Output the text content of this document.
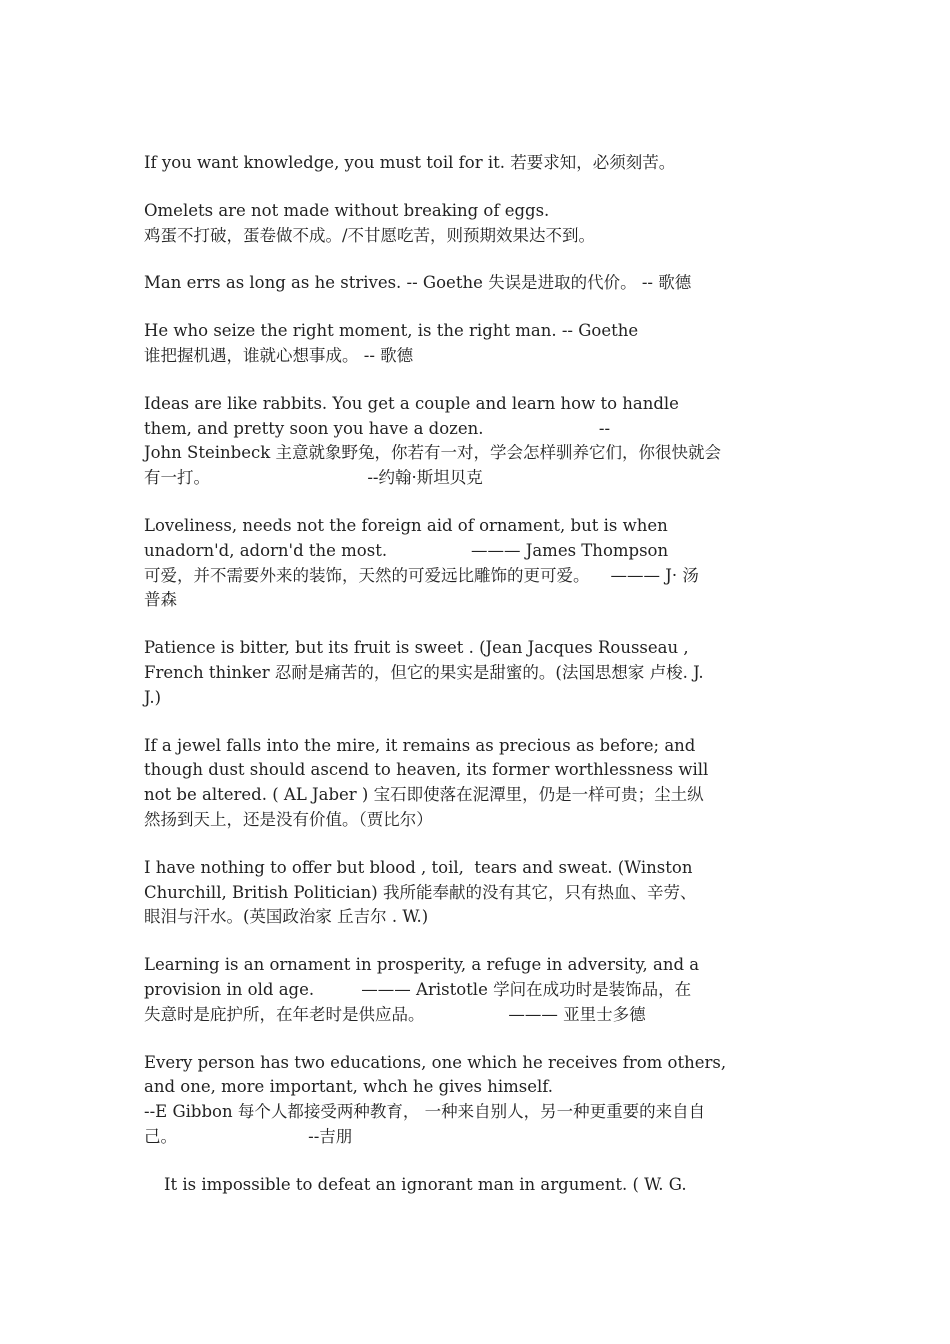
If you want knowledge, you must toil for it. 若要求知，必须刻苦。
Omelets are not made without breaking of eggs.
鸡蛋不打破，蛋卷做不成。/不甘愿吃苦，则预期效果达不到。
Man errs as long as he strives. -- Goethe 失误是进取的代价。 -- 歌德
He who seize the right moment, is the right man. -- Goethe
谁把握机遇，谁就心想事成。 -- 歌德
Ideas are like rabbits. You get a couple and learn how to handle
them, and pretty soon you have a dozen.                      --
John Steinbeck 主意就象野兔，你若有一对，学会怎样驯养它们，你很快就会
有一打。                              --约翰·斯坦贝克
Loveliness, needs not the foreign aid of ornament, but is when
unadorn'd, adorn'd the most.                ——— James Thompson
可爱，并不需要外来的装饰，天然的可爱远比雕饰的更可爱。    ——— J· 汤
普森
Patience is bitter, but its fruit is sweet . (Jean Jacques Rousseau ,
French thinker 忍耐是痛苦的，但它的果实是甜蜜的。(法国思想家 卢梭. J.
J.)
If a jewel falls into the mire, it remains as precious as before; and
though dust should ascend to heaven, its former worthlessness will
not be altered. ( AL Jaber ) 宝石即使落在泥潭里，仍是一样可贵；尘土纵
然扬到天上，还是没有价值。（贾比尔）
I have nothing to offer but blood , toil,  tears and sweat. (Winston
Churchill, British Politician) 我所能奉献的没有其它，只有热血、辛劳、
眼泪与汗水。(英国政治家 丘吉尔 . W.)
Learning is an ornament in prosperity, a refuge in adversity, and a
provision in old age.         ——— Aristotle 学问在成功时是装饰品，在
失意时是庇护所，在年老时是供应品。                ——— 亚里士多德
Every person has two educations, one which he receives from others,
and one, more important, whch he gives himself.
--E Gibbon 每个人都接受两种教育， 一种来自别人，另一种更重要的来自自
己。                         --吉朋
It is impossible to defeat an ignorant man in argument. ( W. G.
